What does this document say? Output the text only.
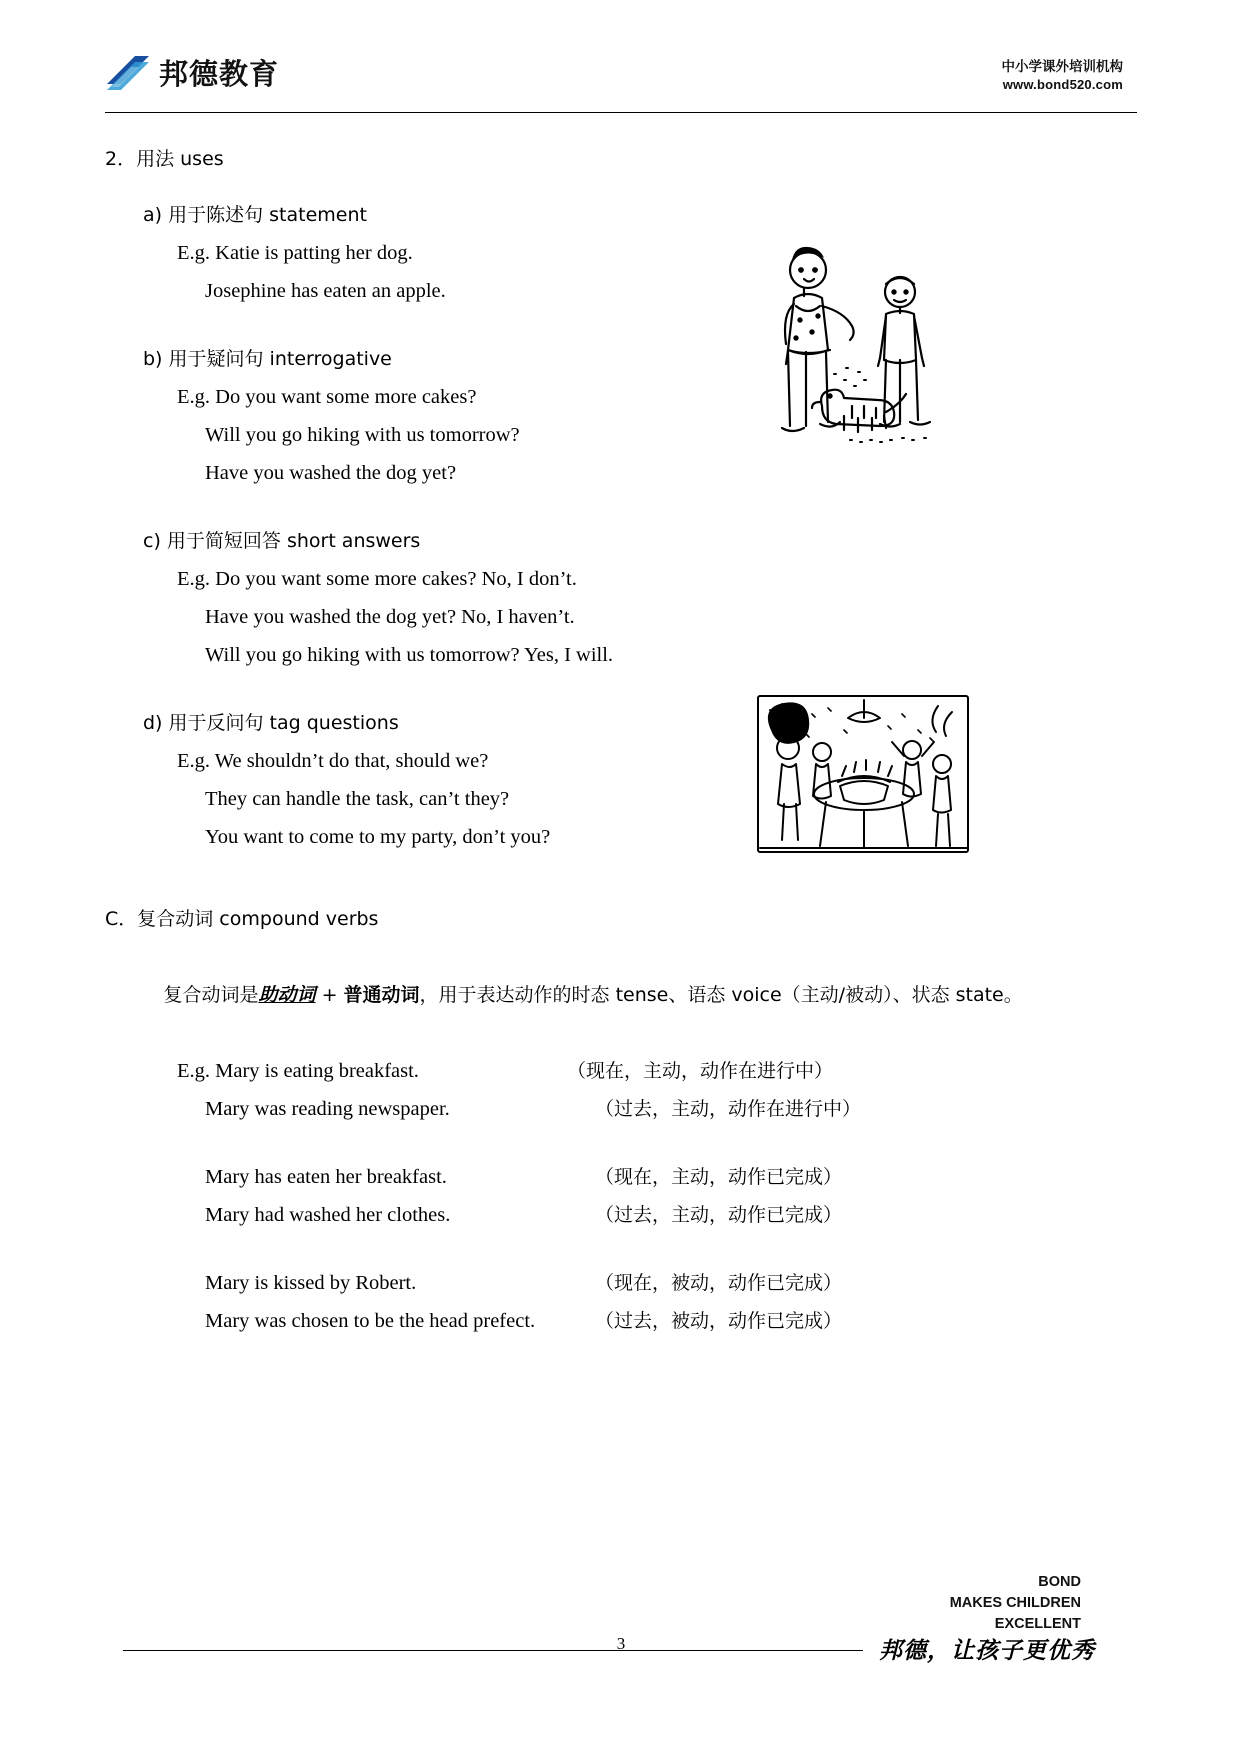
邦德教育	中小学课外培训机构
www.bond520.com
2．用法 uses
a) 用于陈述句 statement
E.g. Katie is patting her dog.
Josephine has eaten an apple.
b) 用于疑问句 interrogative
E.g. Do you want some more cakes?
Will you go hiking with us tomorrow?
Have you washed the dog yet?
c) 用于简短回答 short answers
E.g. Do you want some more cakes? No, I don’t.
Have you washed the dog yet? No, I haven’t.
Will you go hiking with us tomorrow? Yes, I will.
d) 用于反问句 tag questions
E.g. We shouldn’t do that, should we?
They can handle the task, can’t they?
You want to come to my party, don’t you?
C．复合动词 compound verbs

复合动词是助动词 + 普通动词，用于表达动作的时态 tense、语态 voice（主动/被动）、状态 state。

E.g. Mary is eating breakfast.	（现在，主动，动作在进行中）
Mary was reading newspaper.	（过去，主动，动作在进行中）
Mary has eaten her breakfast.	（现在，主动，动作已完成）
Mary had washed her clothes.	（过去，主动，动作已完成）
Mary is kissed by Robert.	（现在，被动，动作已完成）
Mary was chosen to be the head prefect.	（过去，被动，动作已完成）
BOND
MAKES CHILDREN
EXCELLENT
3	邦德，让孩子更优秀
